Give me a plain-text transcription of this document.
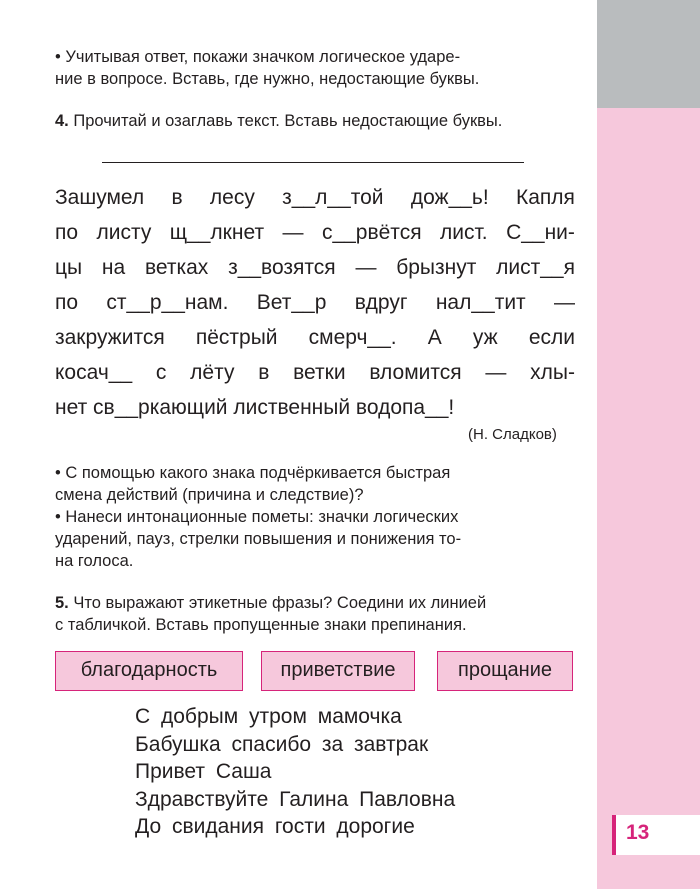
13
• Учитывая ответ, покажи значком логическое ударе-
ние в вопросе. Вставь, где нужно, недостающие буквы.
4. Прочитай и озаглавь текст. Вставь недостающие буквы.
Зашумел в лесу з__л__той дож__ь! Капля
по листу щ__лкнет — с__рвётся лист. С__ни-
цы на ветках з__возятся — брызнут лист__я
по ст__р__нам. Вет__р вдруг нал__тит —
закружится пёстрый смерч__. А уж если
косач__ с лёту в ветки вломится — хлы-
нет св__ркающий лиственный водопа__!
(Н. Сладков)
• С помощью какого знака подчёркивается быстрая
смена действий (причина и следствие)?
• Нанеси интонационные пометы: значки логических
ударений, пауз, стрелки повышения и понижения то-
на голоса.
5. Что выражают этикетные фразы? Соедини их линией
с табличкой. Вставь пропущенные знаки препинания.
благодарность	приветствие	прощание
С добрым утром мамочка
Бабушка спасибо за завтрак
Привет Саша
Здравствуйте Галина Павловна
До свидания гости дорогие
